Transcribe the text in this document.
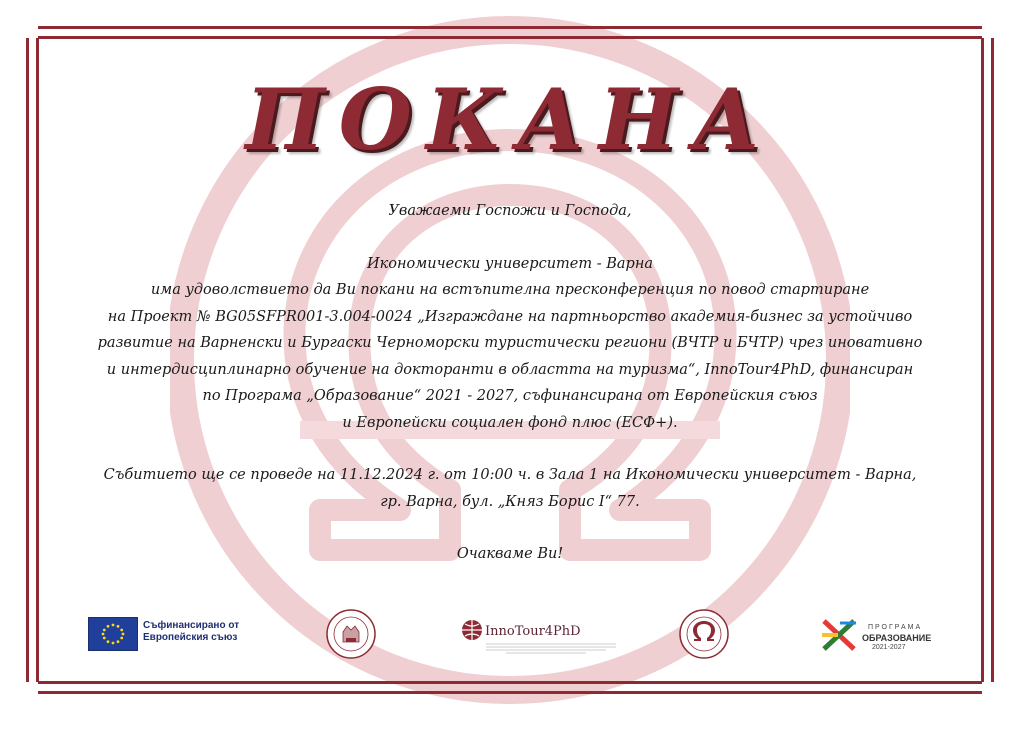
ПОКАНА

Уважаеми Госпожи и Господа,

Икономически университет - Варна

има удоволствието да Ви покани на встъпителна пресконференция по повод стартиране

на Проект № BG05SFPR001-3.004-0024 „Изграждане на партньорство академия-бизнес за устойчиво

развитие на Варненски и Бургаски Черноморски туристически региони (ВЧТР и БЧТР) чрез иновативно

и интердисциплинарно обучение на докторанти в областта на туризма“, InnoTour4PhD, финансиран

по Програма „Образование“ 2021 - 2027, съфинансирана от Европейския съюз

и Европейски социален фонд плюс (ЕСФ+).

Събитието ще се проведе на 11.12.2024 г. от 10:00 ч. в Зала 1 на Икономически университет - Варна,

гр. Варна, бул. „Княз Борис I“ 77.

Очакваме Ви!

Съфинансирано от
Европейския съюз	InnoTour4PhD	ПРОГРАМА
ОБРАЗОВАНИЕ
2021-2027
